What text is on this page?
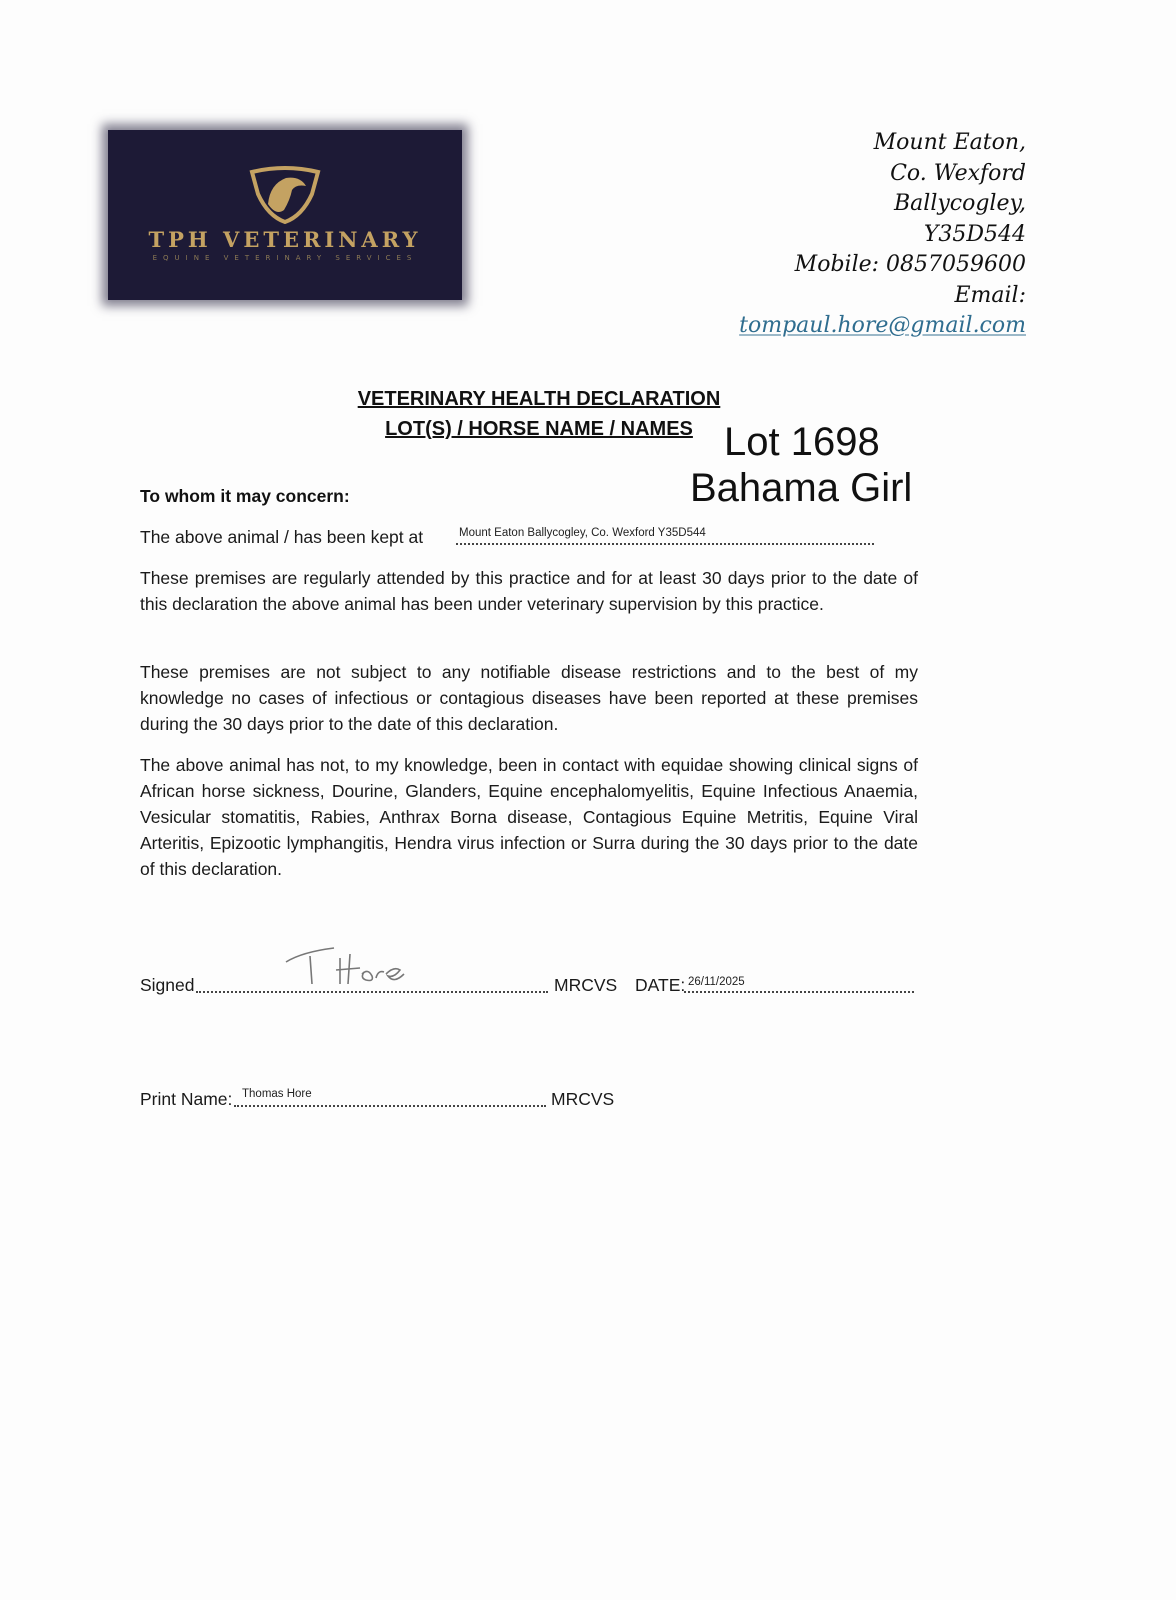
TPH VETERINARY
EQUINE VETERINARY SERVICES
Mount Eaton,
Co. Wexford
Ballycogley,
Y35D544
Mobile: 0857059600
Email:
tompaul.hore@gmail.com
VETERINARY HEALTH DECLARATION
LOT(S) / HORSE NAME / NAMES Lot 1698
Bahama Girl
To whom it may concern:
The above animal / has been kept at	Mount Eaton Ballycogley, Co. Wexford Y35D544
These premises are regularly attended by this practice and for at least 30 days prior to the date of this declaration the above animal has been under veterinary supervision by this practice.
These premises are not subject to any notifiable disease restrictions and to the best of my knowledge no cases of infectious or contagious diseases have been reported at these premises during the 30 days prior to the date of this declaration.
The above animal has not, to my knowledge, been in contact with equidae showing clinical signs of African horse sickness, Dourine, Glanders, Equine encephalomyelitis, Equine Infectious Anaemia, Vesicular stomatitis, Rabies, Anthrax Borna disease, Contagious Equine Metritis, Equine Viral Arteritis, Epizootic lymphangitis, Hendra virus infection or Surra during the 30 days prior to the date of this declaration.
Signed	MRCVS DATE: 26/11/2025
Print Name: Thomas Hore	MRCVS
